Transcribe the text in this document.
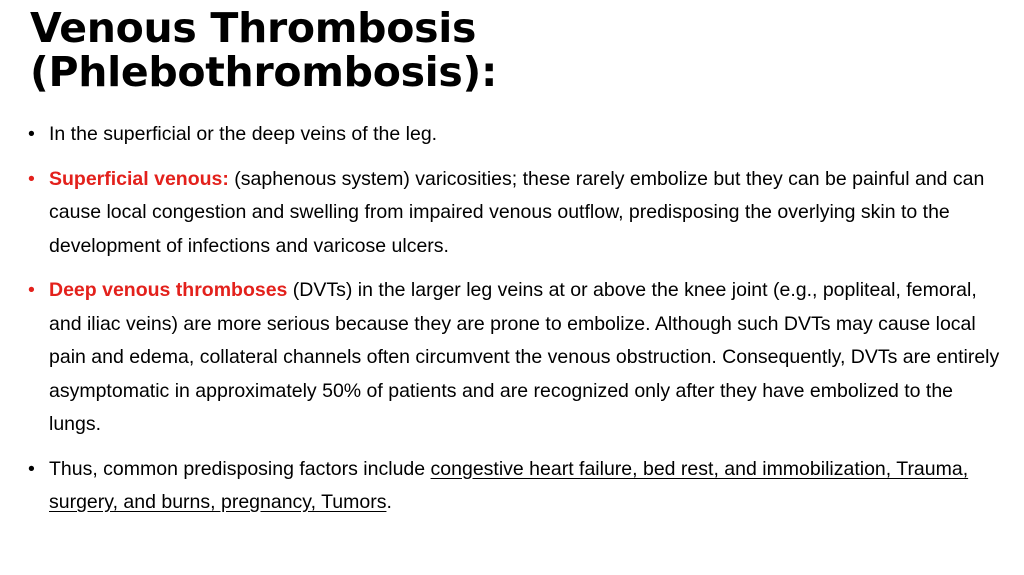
Venous Thrombosis
(Phlebothrombosis):
• In the superficial or the deep veins of the leg.
• Superficial venous: (saphenous system) varicosities; these rarely embolize but they can be painful and can cause local congestion and swelling from impaired venous outflow, predisposing the overlying skin to the development of infections and varicose ulcers.
• Deep venous thromboses (DVTs) in the larger leg veins at or above the knee joint (e.g., popliteal, femoral, and iliac veins) are more serious because they are prone to embolize. Although such DVTs may cause local pain and edema, collateral channels often circumvent the venous obstruction. Consequently, DVTs are entirely asymptomatic in approximately 50% of patients and are recognized only after they have embolized to the lungs.
• Thus, common predisposing factors include congestive heart failure, bed rest, and immobilization, Trauma, surgery, and burns, pregnancy, Tumors.
